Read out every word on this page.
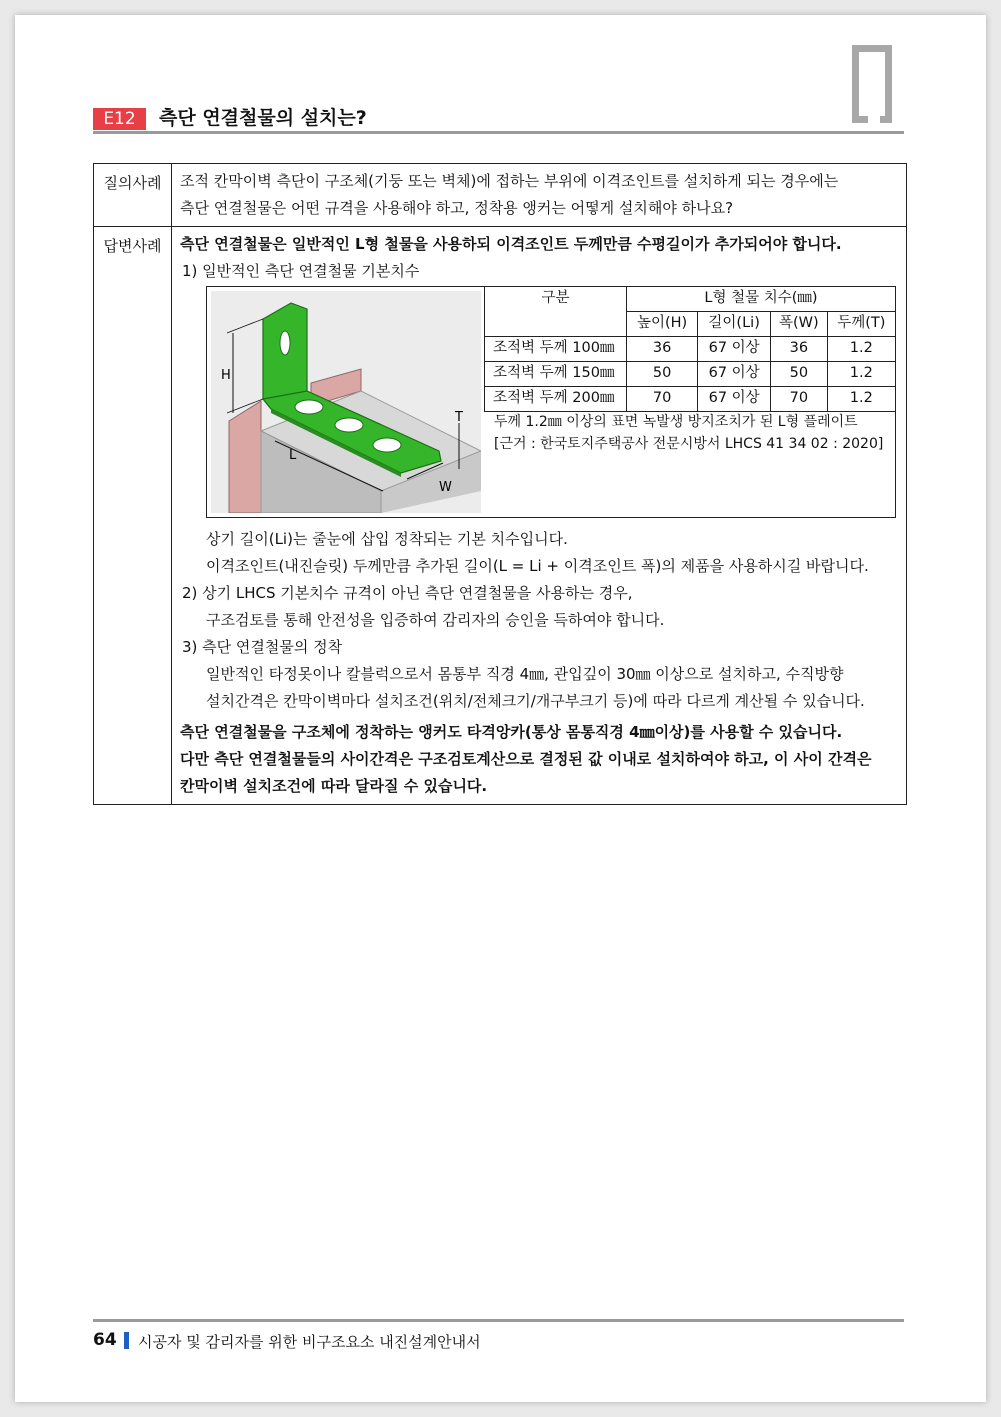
E12	측단 연결철물의 설치는?
질의사례	조적 칸막이벽 측단이 구조체(기둥 또는 벽체)에 접하는 부위에 이격조인트를 설치하게 되는 경우에는
측단 연결철물은 어떤 규격을 사용해야 하고, 정착용 앵커는 어떻게 설치해야 하나요?

답변사례	측단 연결철물은 일반적인 L형 철물을 사용하되 이격조인트 두께만큼 수평길이가 추가되어야 합니다.
1) 일반적인 측단 연결철물 기본치수
H
T
L
W
구분	L형 철물 치수(㎜)
높이(H)	길이(Li)	폭(W)	두께(T)
조적벽 두께 100㎜	36	67 이상	36	1.2
조적벽 두께 150㎜	50	67 이상	50	1.2
조적벽 두께 200㎜	70	67 이상	70	1.2
두께 1.2㎜ 이상의 표면 녹발생 방지조치가 된 L형 플레이트
[근거 : 한국토지주택공사 전문시방서 LHCS 41 34 02 : 2020]
상기 길이(Li)는 줄눈에 삽입 정착되는 기본 치수입니다.
이격조인트(내진슬릿) 두께만큼 추가된 길이(L = Li + 이격조인트 폭)의 제품을 사용하시길 바랍니다.
2) 상기 LHCS 기본치수 규격이 아닌 측단 연결철물을 사용하는 경우,
구조검토를 통해 안전성을 입증하여 감리자의 승인을 득하여야 합니다.
3) 측단 연결철물의 정착
일반적인 타정못이나 칼블럭으로서 몸통부 직경 4㎜, 관입깊이 30㎜ 이상으로 설치하고, 수직방향
설치간격은 칸막이벽마다 설치조건(위치/전체크기/개구부크기 등)에 따라 다르게 계산될 수 있습니다.
측단 연결철물을 구조체에 정착하는 앵커도 타격앙카(통상 몸통직경 4㎜이상)를 사용할 수 있습니다.
다만 측단 연결철물들의 사이간격은 구조검토계산으로 결정된 값 이내로 설치하여야 하고, 이 사이 간격은
칸막이벽 설치조건에 따라 달라질 수 있습니다.
64 시공자 및 감리자를 위한 비구조요소 내진설계안내서
